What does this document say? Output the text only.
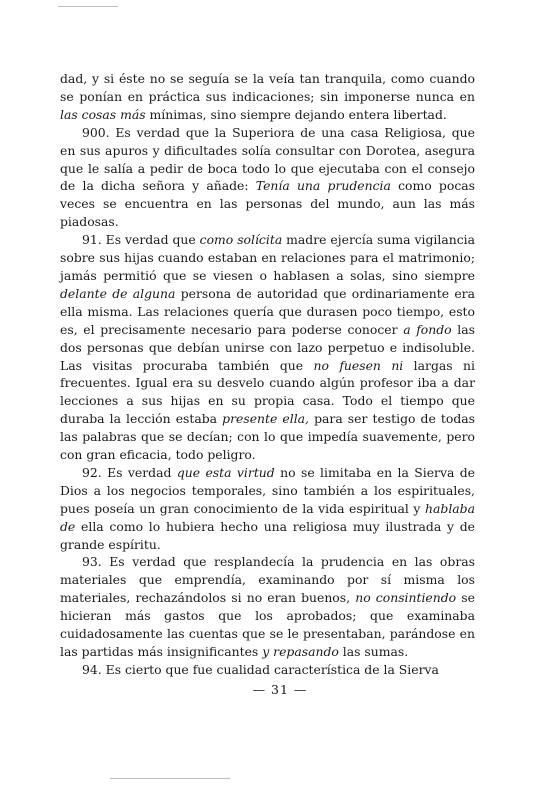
dad, y si éste no se seguía se la veía tan tranquila, como cuando se ponían en práctica sus indicaciones; sin imponerse nunca en las cosas más mínimas, sino siempre dejando entera libertad.

900. Es verdad que la Superiora de una casa Religiosa, que en sus apuros y dificultades solía consultar con Dorotea, asegura que le salía a pedir de boca todo lo que ejecutaba con el consejo de la dicha señora y añade: Tenía una prudencia como pocas veces se encuentra en las personas del mundo, aun las más piadosas.

91. Es verdad que como solícita madre ejercía suma vigilancia sobre sus hijas cuando estaban en relaciones para el matrimonio; jamás permitió que se viesen o hablasen a solas, sino siempre delante de alguna persona de autoridad que ordinariamente era ella misma. Las relaciones quería que durasen poco tiempo, esto es, el precisamente necesario para poderse conocer a fondo las dos personas que debían unirse con lazo perpetuo e indisoluble. Las visitas procuraba también que no fuesen ni largas ni frecuentes. Igual era su desvelo cuando algún profesor iba a dar lecciones a sus hijas en su propia casa. Todo el tiempo que duraba la lección estaba presente ella, para ser testigo de todas las palabras que se decían; con lo que impedía suavemente, pero con gran eficacia, todo peligro.

92. Es verdad que esta virtud no se limitaba en la Sierva de Dios a los negocios temporales, sino también a los espirituales, pues poseía un gran conocimiento de la vida espiritual y hablaba de ella como lo hubiera hecho una religiosa muy ilustrada y de grande espíritu.

93. Es verdad que resplandecía la prudencia en las obras materiales que emprendía, examinando por sí misma los materiales, rechazándolos si no eran buenos, no consintiendo se hicieran más gastos que los aprobados; que examinaba cuidadosamente las cuentas que se le presentaban, parándose en las partidas más insignificantes y repasando las sumas.

94. Es cierto que fue cualidad característica de la Sierva

— 31 —
